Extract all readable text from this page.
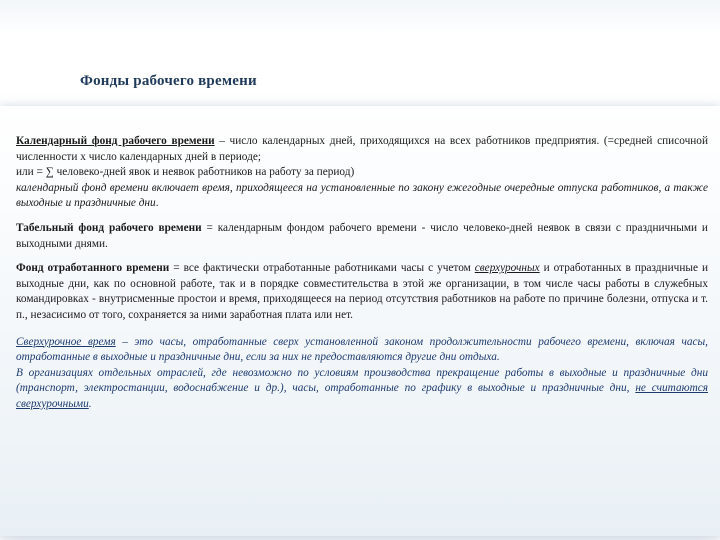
Фонды рабочего времени

Календарный фонд рабочего времени – число календарных дней, приходящихся на всех работников предприятия. (=средней списочной численности х число календарных дней в периоде;
или = ∑ человеко-дней явок и неявок работников на работу за период)
календарный фонд времени включает время, приходящееся на установленные по закону ежегодные очередные отпуска работников, а также выходные и праздничные дни.

Табельный фонд рабочего времени = календарным фондом рабочего времени - число человеко-дней неявок в связи с праздничными и выходными днями.

Фонд отработанного времени = все фактически отработанные работниками часы с учетом сверхурочных и отработанных в праздничные и выходные дни, как по основной работе, так и в порядке совместительства в этой же организации, в том числе часы работы в служебных командировках - внутрисменные простои и время, приходящееся на период отсутствия работников на работе по причине болезни, отпуска и т. п., незасисимо от того, сохраняется за ними заработная плата или нет.

Сверхурочное время – это часы, отработанные сверх установленной законом продолжительности рабочего времени, включая часы, отработанные в выходные и праздничные дни, если за них не предоставляются другие дни отдыха.

В организациях отдельных отраслей, где невозможно по условиям производства прекращение работы в выходные и праздничные дни (транспорт, электростанции, водоснабжение и др.), часы, отработанные по графику в выходные и праздничные дни, не считаются сверхурочными.
